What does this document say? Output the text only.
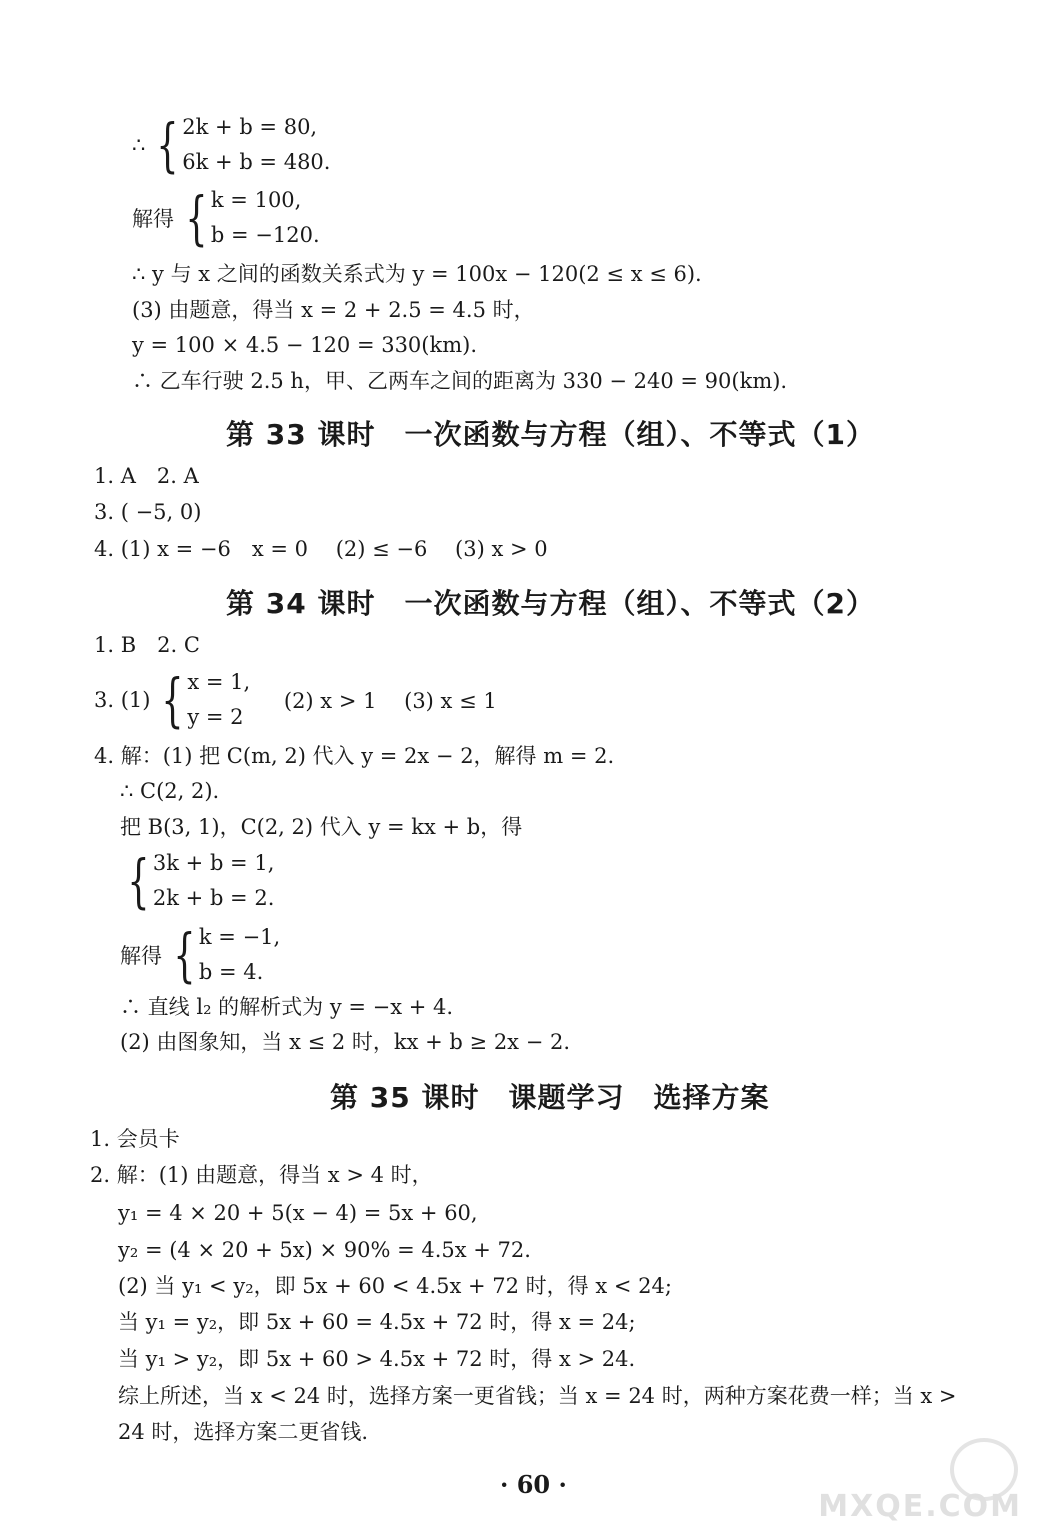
∴ { 2k + b = 80,
6k + b = 480.
解得 { k = 100,
b = −120.
∴ y 与 x 之间的函数关系式为 y = 100x − 120(2 ≤ x ≤ 6).
(3) 由题意，得当 x = 2 + 2.5 = 4.5 时，
y = 100 × 4.5 − 120 = 330(km).
∴ 乙车行驶 2.5 h，甲、乙两车之间的距离为 330 − 240 = 90(km).
第 33 课时　一次函数与方程（组）、不等式（1）
1. A　2. A
3. ( −5, 0)
4. (1) x = −6　x = 0　 (2) ≤ −6　 (3) x > 0
第 34 课时　一次函数与方程（组）、不等式（2）
1. B　2. C
3. (1) { x = 1,
y = 2
　 (2) x > 1　 (3) x ≤ 1
4. 解：(1) 把 C(m, 2) 代入 y = 2x − 2，解得 m = 2.
∴ C(2, 2).
把 B(3, 1)，C(2, 2) 代入 y = kx + b，得
{ 3k + b = 1,
2k + b = 2.
解得 { k = −1,
b = 4.
∴ 直线 l₂ 的解析式为 y = −x + 4.
(2) 由图象知，当 x ≤ 2 时，kx + b ≥ 2x − 2.
第 35 课时　课题学习　选择方案
1. 会员卡
2. 解：(1) 由题意，得当 x > 4 时，
y₁ = 4 × 20 + 5(x − 4) = 5x + 60,
y₂ = (4 × 20 + 5x) × 90% = 4.5x + 72.
(2) 当 y₁ < y₂，即 5x + 60 < 4.5x + 72 时，得 x < 24;
当 y₁ = y₂，即 5x + 60 = 4.5x + 72 时，得 x = 24;
当 y₁ > y₂，即 5x + 60 > 4.5x + 72 时，得 x > 24.
综上所述，当 x < 24 时，选择方案一更省钱；当 x = 24 时，两种方案花费一样；当 x >
24 时，选择方案二更省钱.
· 60 ·
MXQE.COM
